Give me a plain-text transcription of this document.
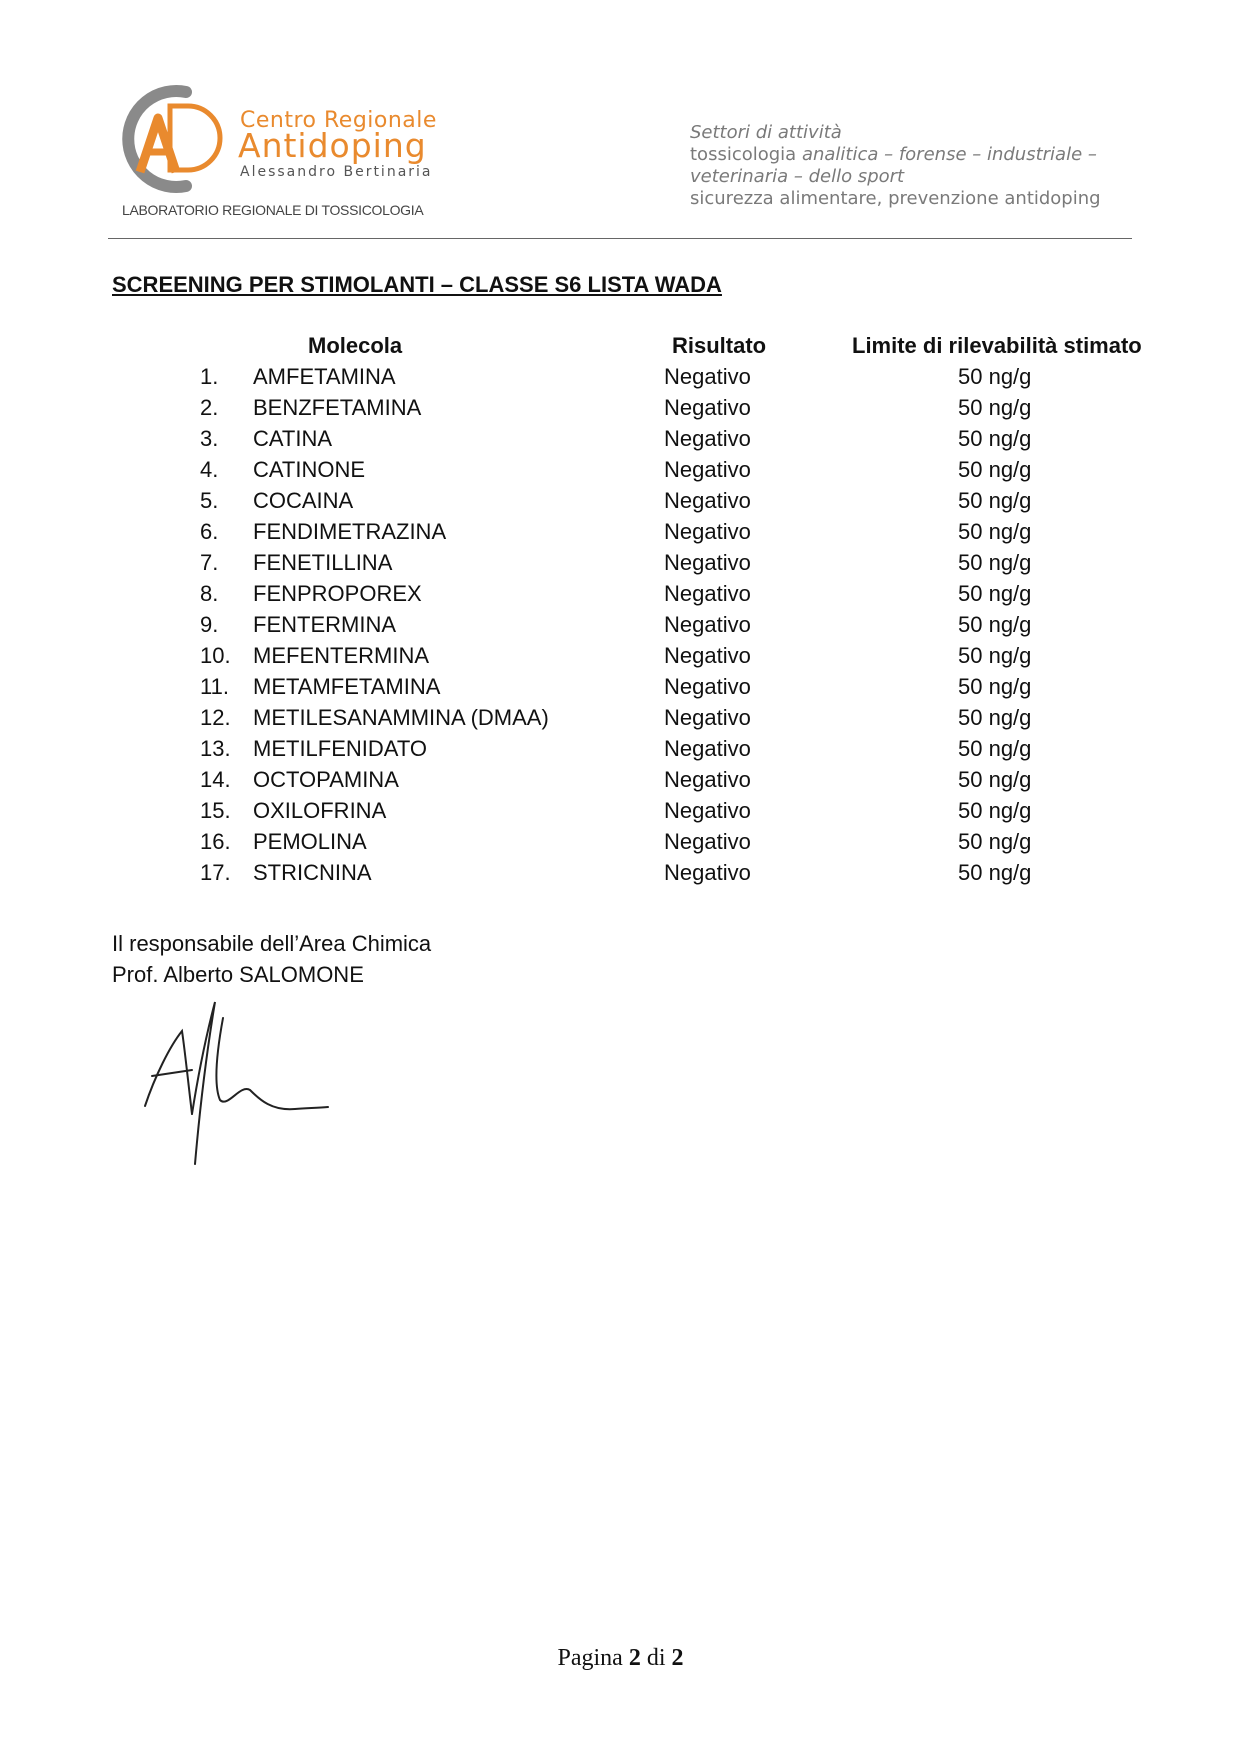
Centro Regionale
Antidoping
Alessandro Bertinaria
LABORATORIO REGIONALE DI TOSSICOLOGIA
Settori di attività
tossicologia analitica – forense – industriale –
veterinaria – dello sport
sicurezza alimentare, prevenzione antidoping
SCREENING PER STIMOLANTI – CLASSE S6 LISTA WADA
Molecola	Risultato	Limite di rilevabilità stimato
1. AMFETAMINA	Negativo	50 ng/g
2. BENZFETAMINA	Negativo	50 ng/g
3. CATINA	Negativo	50 ng/g
4. CATINONE	Negativo	50 ng/g
5. COCAINA	Negativo	50 ng/g
6. FENDIMETRAZINA	Negativo	50 ng/g
7. FENETILLINA	Negativo	50 ng/g
8. FENPROPOREX	Negativo	50 ng/g
9. FENTERMINA	Negativo	50 ng/g
10. MEFENTERMINA	Negativo	50 ng/g
11. METAMFETAMINA	Negativo	50 ng/g
12. METILESANAMMINA (DMAA)	Negativo	50 ng/g
13. METILFENIDATO	Negativo	50 ng/g
14. OCTOPAMINA	Negativo	50 ng/g
15. OXILOFRINA	Negativo	50 ng/g
16. PEMOLINA	Negativo	50 ng/g
17. STRICNINA	Negativo	50 ng/g
Il responsabile dell’Area Chimica
Prof. Alberto SALOMONE
Pagina 2 di 2
